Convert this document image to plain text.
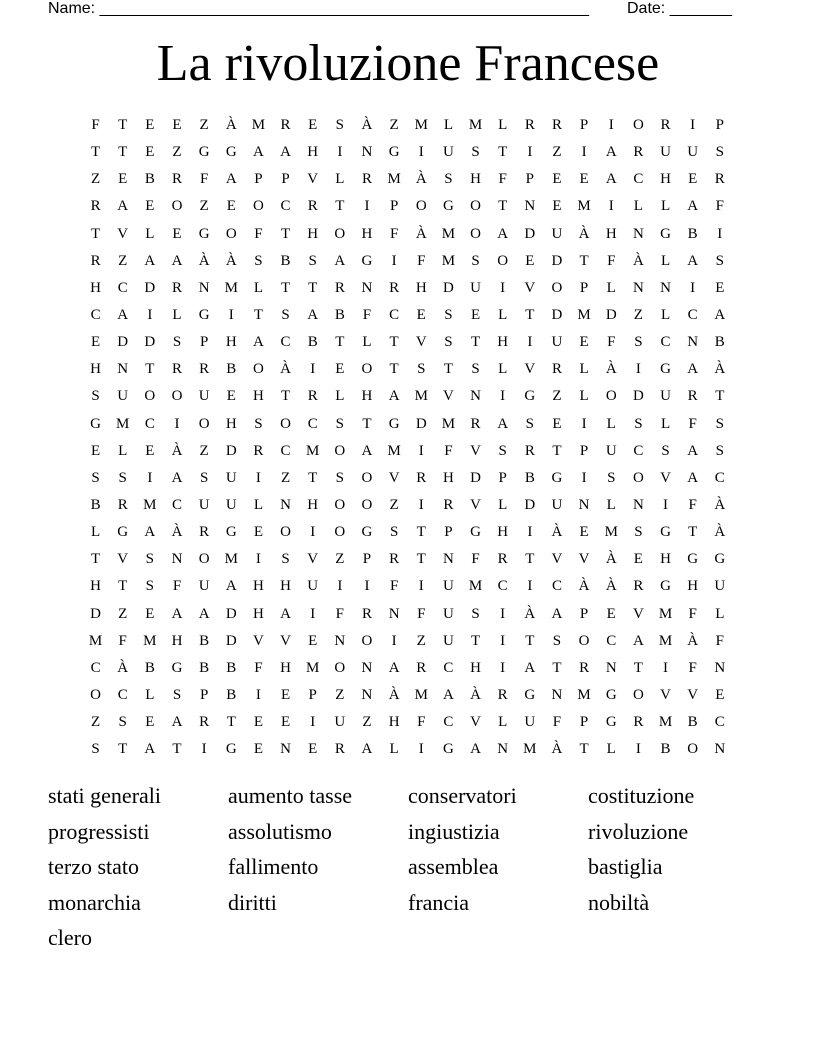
Name: _______________________________________________________ Date: _______
La rivoluzione Francese
F	T	E	E	Z	À	M	R	E	S	À	Z	M	L	M	L	R	R	P	I	O	R	I	P
T	T	E	Z	G	G	A	A	H	I	N	G	I	U	S	T	I	Z	I	A	R	U	U	S
Z	E	B	R	F	A	P	P	V	L	R	M	À	S	H	F	P	E	E	A	C	H	E	R
R	A	E	O	Z	E	O	C	R	T	I	P	O	G	O	T	N	E	M	I	L	L	A	F
T	V	L	E	G	O	F	T	H	O	H	F	À	M	O	A	D	U	À	H	N	G	B	I
R	Z	A	A	À	À	S	B	S	A	G	I	F	M	S	O	E	D	T	F	À	L	A	S
H	C	D	R	N	M	L	T	T	R	N	R	H	D	U	I	V	O	P	L	N	N	I	E
C	A	I	L	G	I	T	S	A	B	F	C	E	S	E	L	T	D	M	D	Z	L	C	A
E	D	D	S	P	H	A	C	B	T	L	T	V	S	T	H	I	U	E	F	S	C	N	B
H	N	T	R	R	B	O	À	I	E	O	T	S	T	S	L	V	R	L	À	I	G	A	À
S	U	O	O	U	E	H	T	R	L	H	A	M	V	N	I	G	Z	L	O	D	U	R	T
G	M	C	I	O	H	S	O	C	S	T	G	D	M	R	A	S	E	I	L	S	L	F	S
E	L	E	À	Z	D	R	C	M	O	A	M	I	F	V	S	R	T	P	U	C	S	A	S
S	S	I	A	S	U	I	Z	T	S	O	V	R	H	D	P	B	G	I	S	O	V	A	C
B	R	M	C	U	U	L	N	H	O	O	Z	I	R	V	L	D	U	N	L	N	I	F	À
L	G	A	À	R	G	E	O	I	O	G	S	T	P	G	H	I	À	E	M	S	G	T	À
T	V	S	N	O	M	I	S	V	Z	P	R	T	N	F	R	T	V	V	À	E	H	G	G
H	T	S	F	U	A	H	H	U	I	I	F	I	U	M	C	I	C	À	À	R	G	H	U
D	Z	E	A	A	D	H	A	I	F	R	N	F	U	S	I	À	A	P	E	V	M	F	L
M	F	M	H	B	D	V	V	E	N	O	I	Z	U	T	I	T	S	O	C	A	M	À	F
C	À	B	G	B	B	F	H	M	O	N	A	R	C	H	I	A	T	R	N	T	I	F	N
O	C	L	S	P	B	I	E	P	Z	N	À	M	A	À	R	G	N	M	G	O	V	V	E
Z	S	E	A	R	T	E	E	I	U	Z	H	F	C	V	L	U	F	P	G	R	M	B	C
S	T	A	T	I	G	E	N	E	R	A	L	I	G	A	N	M	À	T	L	I	B	O	N
stati generali	aumento tasse	conservatori	costituzione
progressisti	assolutismo	ingiustizia	rivoluzione
terzo stato	fallimento	assemblea	bastiglia
monarchia	diritti	francia	nobiltà
clero
